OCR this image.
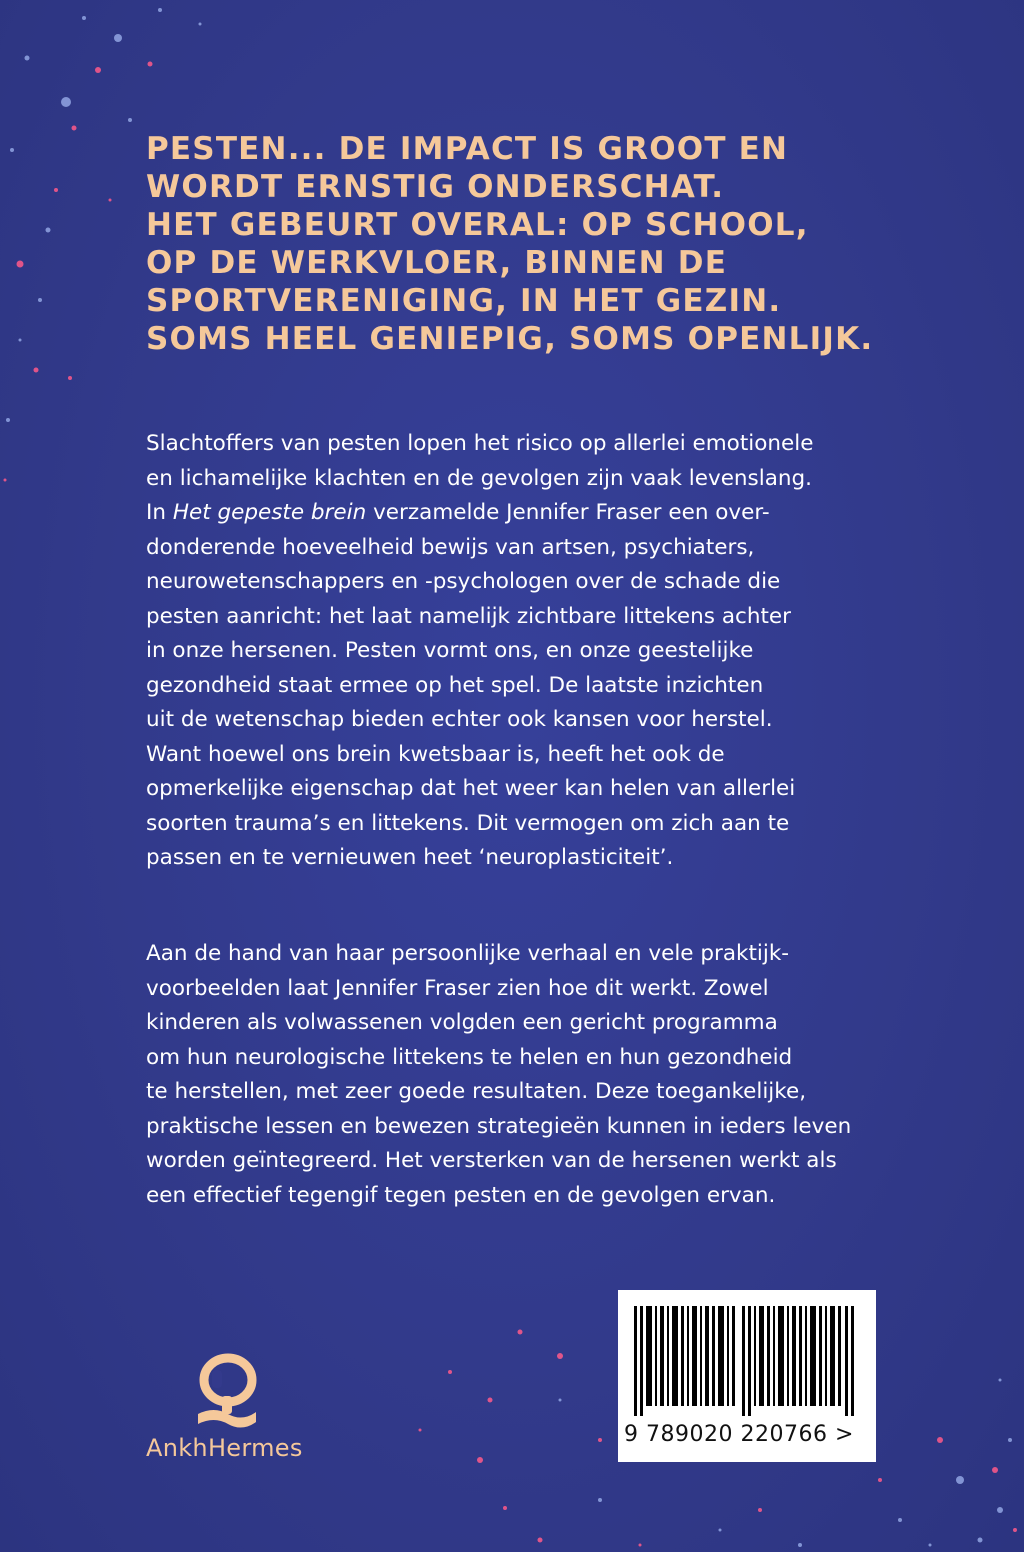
PESTEN... DE IMPACT IS GROOT EN
WORDT ERNSTIG ONDERSCHAT.
HET GEBEURT OVERAL: OP SCHOOL,
OP DE WERKVLOER, BINNEN DE
SPORTVERENIGING, IN HET GEZIN.
SOMS HEEL GENIEPIG, SOMS OPENLIJK.

Slachtoffers van pesten lopen het risico op allerlei emotionele
en lichamelijke klachten en de gevolgen zijn vaak levenslang.
In Het gepeste brein verzamelde Jennifer Fraser een over-
donderende hoeveelheid bewijs van artsen, psychiaters,
neurowetenschappers en -psychologen over de schade die
pesten aanricht: het laat namelijk zichtbare littekens achter
in onze hersenen. Pesten vormt ons, en onze geestelijke
gezondheid staat ermee op het spel. De laatste inzichten
uit de wetenschap bieden echter ook kansen voor herstel.
Want hoewel ons brein kwetsbaar is, heeft het ook de
opmerkelijke eigenschap dat het weer kan helen van allerlei
soorten trauma’s en littekens. Dit vermogen om zich aan te
passen en te vernieuwen heet ‘neuroplasticiteit’.

Aan de hand van haar persoonlijke verhaal en vele praktijk-
voorbeelden laat Jennifer Fraser zien hoe dit werkt. Zowel
kinderen als volwassenen volgden een gericht programma
om hun neurologische littekens te helen en hun gezondheid
te herstellen, met zeer goede resultaten. Deze toegankelijke,
praktische lessen en bewezen strategieën kunnen in ieders leven
worden geïntegreerd. Het versterken van de hersenen werkt als
een effectief tegengif tegen pesten en de gevolgen ervan.

AnkhHermes	9 789020 220766 >
